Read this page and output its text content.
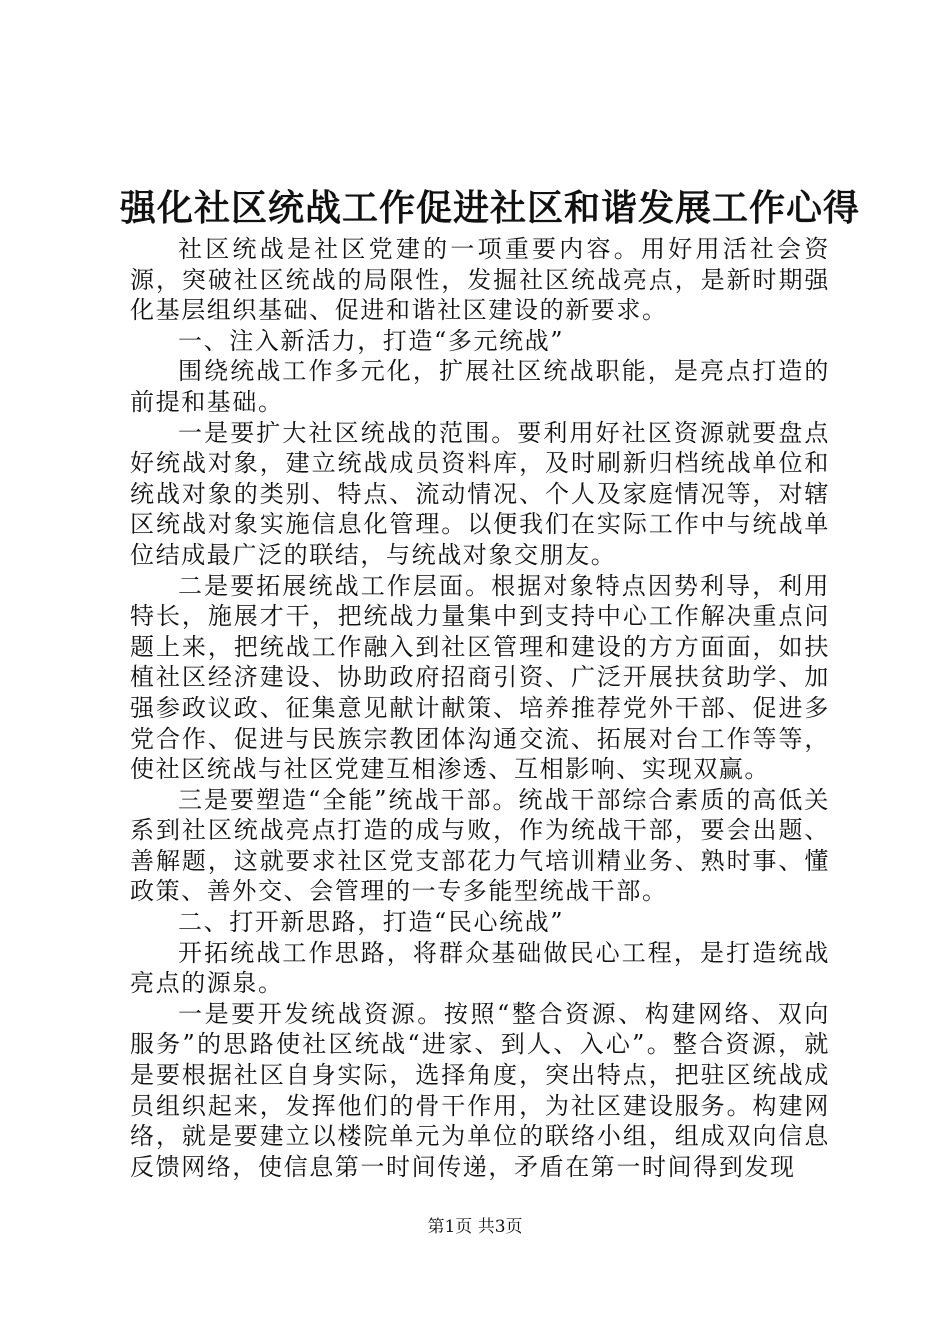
强化社区统战工作促进社区和谐发展工作心得

社区统战是社区党建的一项重要内容。用好用活社会资源，突破社区统战的局限性，发掘社区统战亮点，是新时期强化基层组织基础、促进和谐社区建设的新要求。

一、注入新活力，打造“多元统战”

围绕统战工作多元化，扩展社区统战职能，是亮点打造的前提和基础。

一是要扩大社区统战的范围。要利用好社区资源就要盘点好统战对象，建立统战成员资料库，及时刷新归档统战单位和统战对象的类别、特点、流动情况、个人及家庭情况等，对辖区统战对象实施信息化管理。以便我们在实际工作中与统战单位结成最广泛的联结，与统战对象交朋友。

二是要拓展统战工作层面。根据对象特点因势利导，利用特长，施展才干，把统战力量集中到支持中心工作解决重点问题上来，把统战工作融入到社区管理和建设的方方面面，如扶植社区经济建设、协助政府招商引资、广泛开展扶贫助学、加强参政议政、征集意见献计献策、培养推荐党外干部、促进多党合作、促进与民族宗教团体沟通交流、拓展对台工作等等，使社区统战与社区党建互相渗透、互相影响、实现双赢。

三是要塑造“全能”统战干部。统战干部综合素质的高低关系到社区统战亮点打造的成与败，作为统战干部，要会出题、善解题，这就要求社区党支部花力气培训精业务、熟时事、懂政策、善外交、会管理的一专多能型统战干部。

二、打开新思路，打造“民心统战”

开拓统战工作思路，将群众基础做民心工程，是打造统战亮点的源泉。

一是要开发统战资源。按照“整合资源、构建网络、双向服务”的思路使社区统战“进家、到人、入心”。整合资源，就是要根据社区自身实际，选择角度，突出特点，把驻区统战成员组织起来，发挥他们的骨干作用，为社区建设服务。构建网络，就是要建立以楼院单元为单位的联络小组，组成双向信息反馈网络，使信息第一时间传递，矛盾在第一时间得到发现

第1页 共3页
